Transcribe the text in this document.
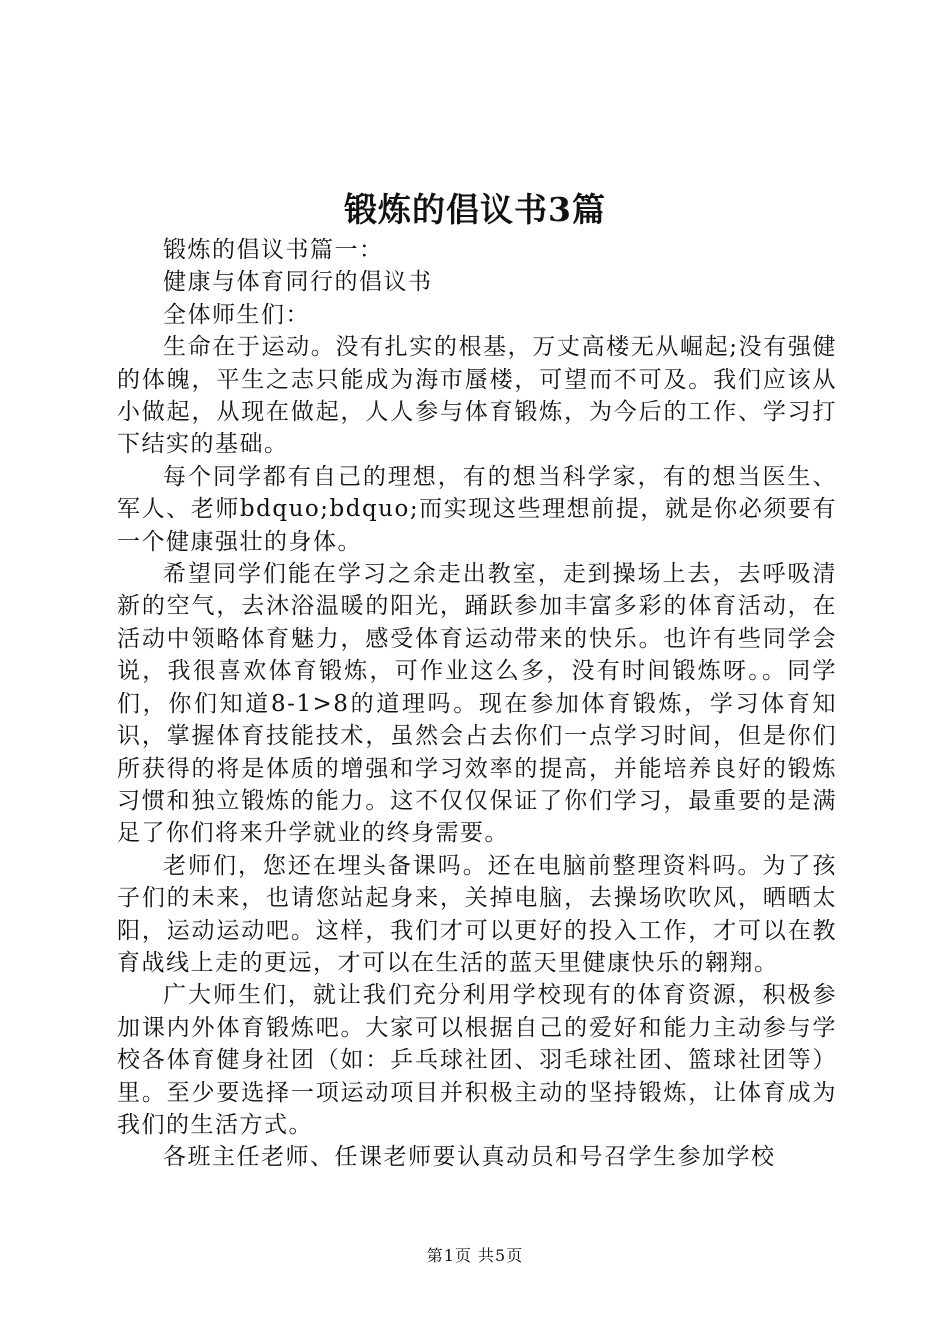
锻炼的倡议书3篇

锻炼的倡议书篇一：

健康与体育同行的倡议书

全体师生们：

生命在于运动。没有扎实的根基，万丈高楼无从崛起;没有强健的体魄，平生之志只能成为海市蜃楼，可望而不可及。我们应该从小做起，从现在做起，人人参与体育锻炼，为今后的工作、学习打下结实的基础。

每个同学都有自己的理想，有的想当科学家，有的想当医生、军人、老师bdquo;bdquo;而实现这些理想前提，就是你必须要有一个健康强壮的身体。

希望同学们能在学习之余走出教室，走到操场上去，去呼吸清新的空气，去沐浴温暖的阳光，踊跃参加丰富多彩的体育活动，在活动中领略体育魅力，感受体育运动带来的快乐。也许有些同学会说，我很喜欢体育锻炼，可作业这么多，没有时间锻炼呀。。同学们，你们知道8-1>8的道理吗。现在参加体育锻炼，学习体育知识，掌握体育技能技术，虽然会占去你们一点学习时间，但是你们所获得的将是体质的增强和学习效率的提高，并能培养良好的锻炼习惯和独立锻炼的能力。这不仅仅保证了你们学习，最重要的是满足了你们将来升学就业的终身需要。

老师们，您还在埋头备课吗。还在电脑前整理资料吗。为了孩子们的未来，也请您站起身来，关掉电脑，去操场吹吹风，晒晒太阳，运动运动吧。这样，我们才可以更好的投入工作，才可以在教育战线上走的更远，才可以在生活的蓝天里健康快乐的翱翔。

广大师生们，就让我们充分利用学校现有的体育资源，积极参加课内外体育锻炼吧。大家可以根据自己的爱好和能力主动参与学校各体育健身社团（如：乒乓球社团、羽毛球社团、篮球社团等）里。至少要选择一项运动项目并积极主动的坚持锻炼，让体育成为我们的生活方式。

各班主任老师、任课老师要认真动员和号召学生参加学校

第1页 共5页
